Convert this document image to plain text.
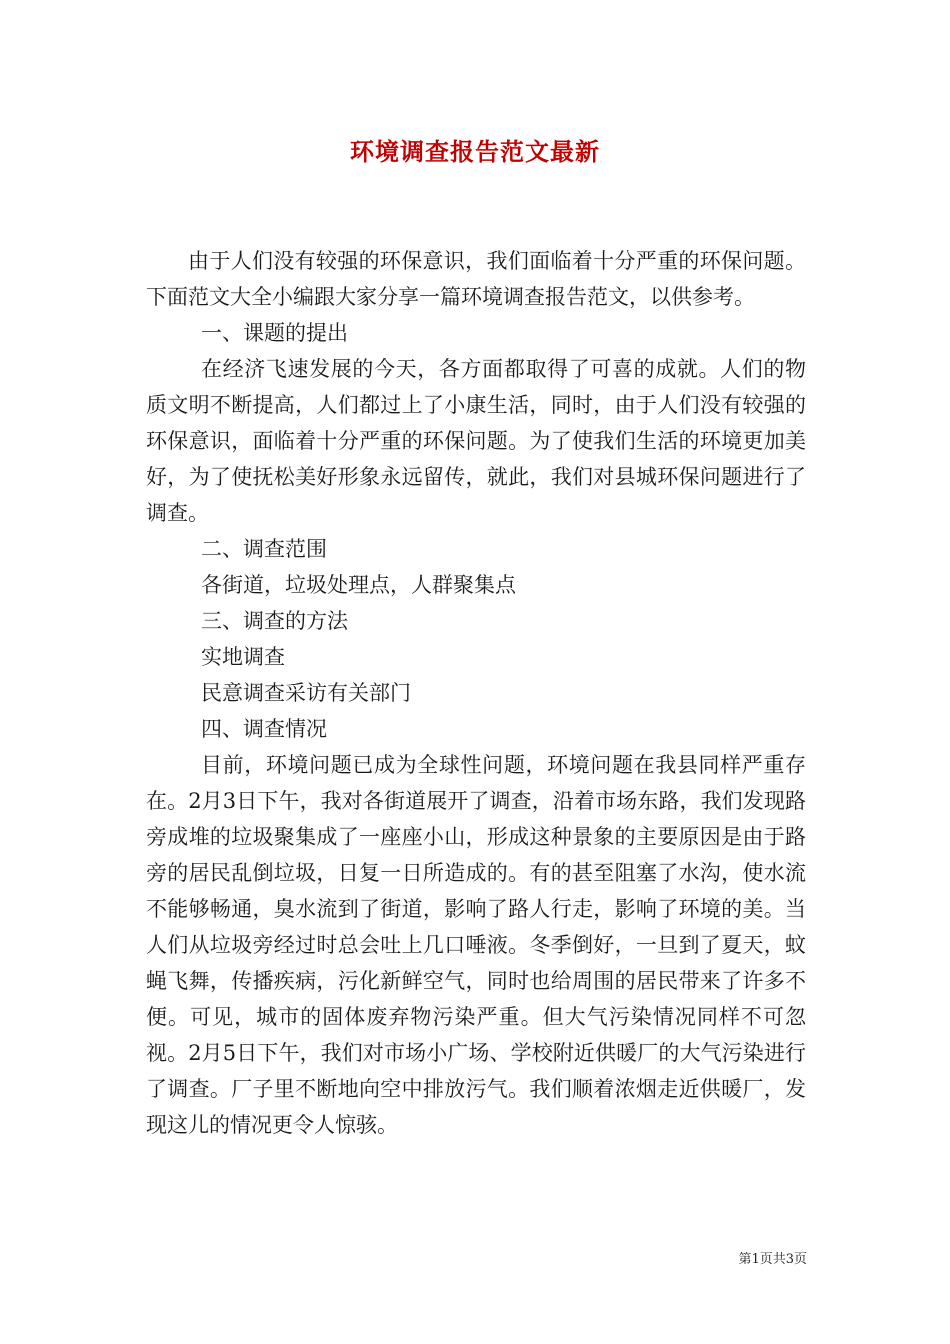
环境调查报告范文最新

由于人们没有较强的环保意识，我们面临着十分严重的环保问题。下面范文大全小编跟大家分享一篇环境调查报告范文，以供参考。

一、课题的提出

在经济飞速发展的今天，各方面都取得了可喜的成就。人们的物质文明不断提高，人们都过上了小康生活，同时，由于人们没有较强的环保意识，面临着十分严重的环保问题。为了使我们生活的环境更加美好，为了使抚松美好形象永远留传，就此，我们对县城环保问题进行了调查。

二、调查范围

各街道，垃圾处理点，人群聚集点

三、调查的方法

实地调查

民意调查采访有关部门

四、调查情况

目前，环境问题已成为全球性问题，环境问题在我县同样严重存在。2月3日下午，我对各街道展开了调查，沿着市场东路，我们发现路旁成堆的垃圾聚集成了一座座小山，形成这种景象的主要原因是由于路旁的居民乱倒垃圾，日复一日所造成的。有的甚至阻塞了水沟，使水流不能够畅通，臭水流到了街道，影响了路人行走，影响了环境的美。当人们从垃圾旁经过时总会吐上几口唾液。冬季倒好，一旦到了夏天，蚊蝇飞舞，传播疾病，污化新鲜空气，同时也给周围的居民带来了许多不便。可见，城市的固体废弃物污染严重。但大气污染情况同样不可忽视。2月5日下午，我们对市场小广场、学校附近供暖厂的大气污染进行了调查。厂子里不断地向空中排放污气。我们顺着浓烟走近供暖厂，发现这儿的情况更令人惊骇。

第1页共3页
